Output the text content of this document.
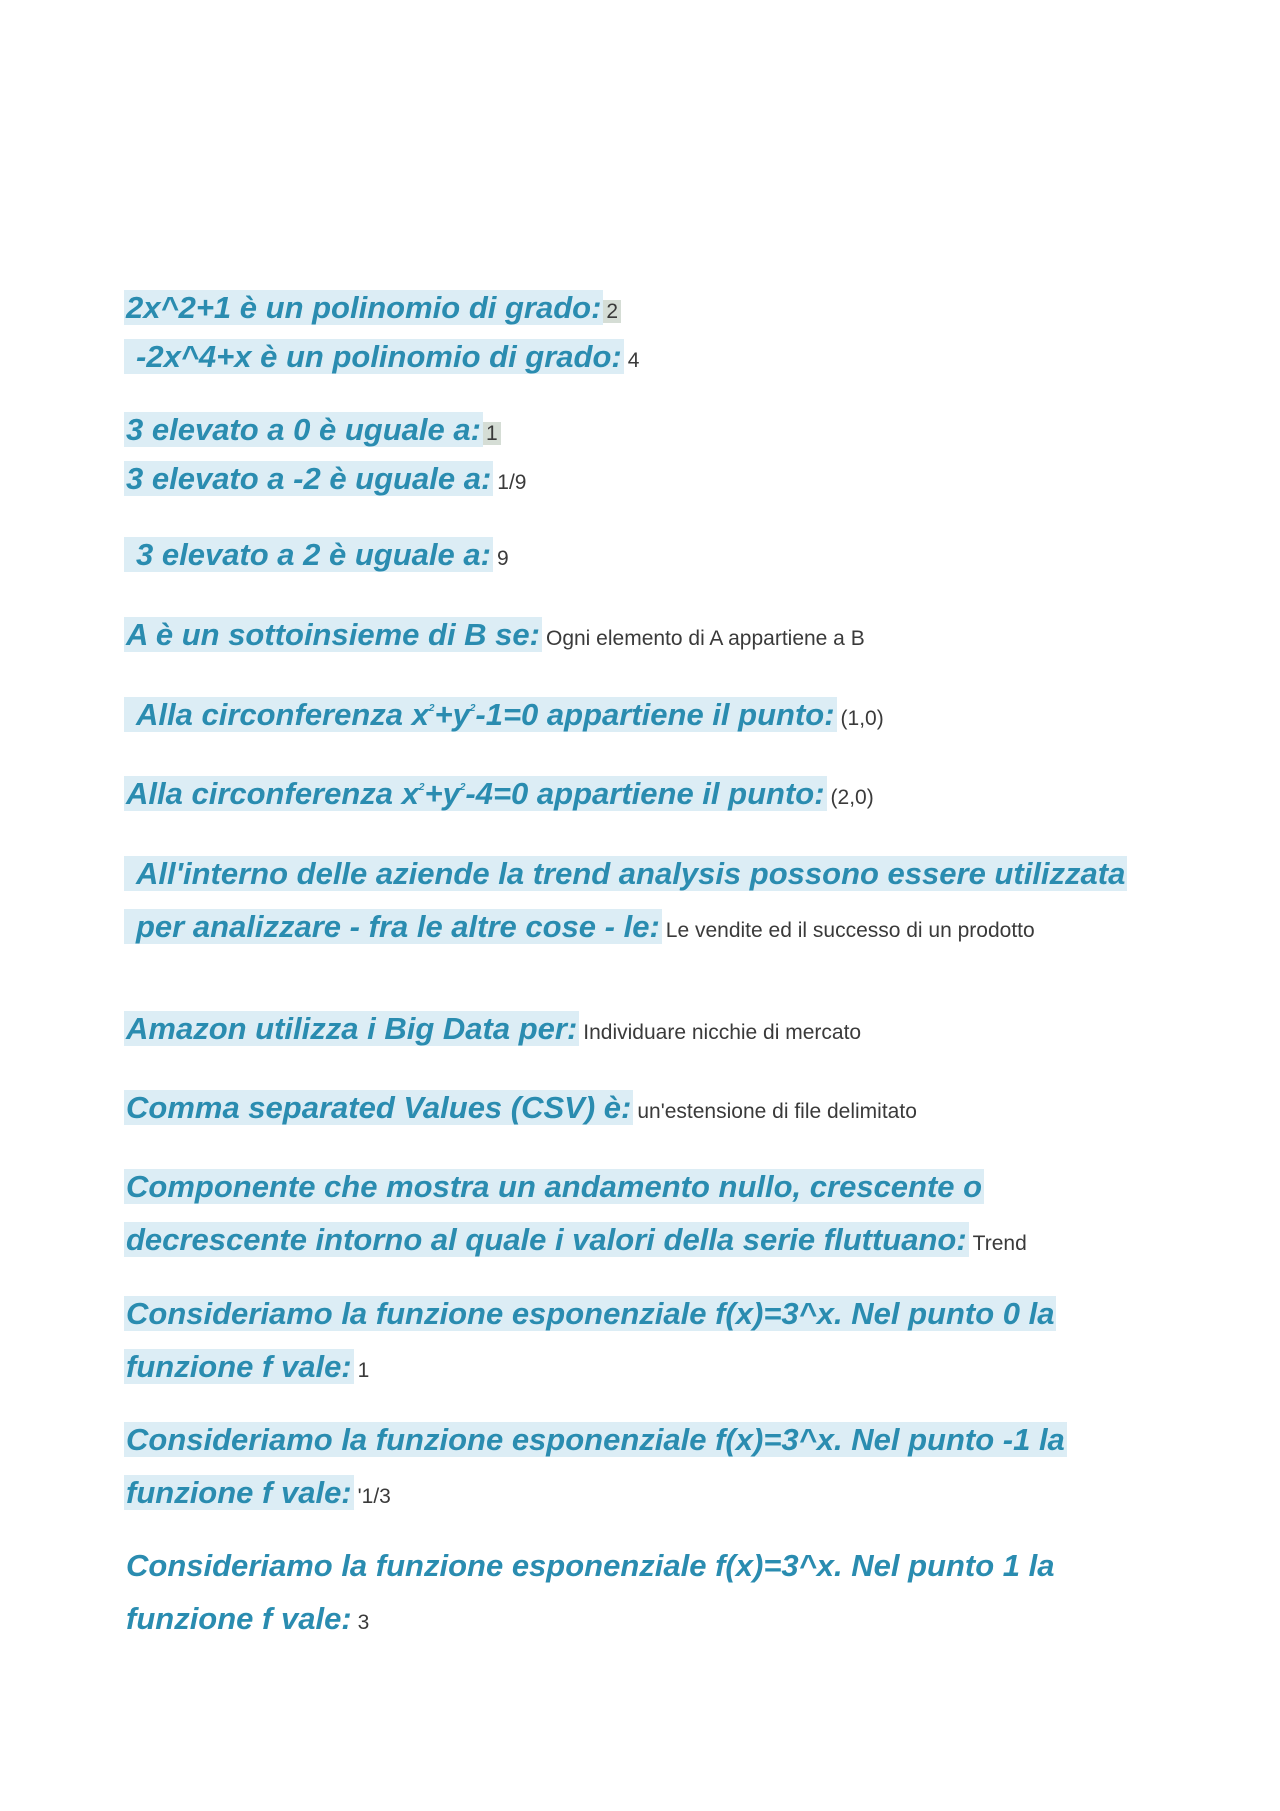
2x^2+1 è un polinomio di grado: 2
-2x^4+x è un polinomio di grado: 4
3 elevato a 0 è uguale a: 1
3 elevato a -2 è uguale a: 1/9
3 elevato a 2 è uguale a: 9
A è un sottoinsieme di B se: Ogni elemento di A appartiene a B
Alla circonferenza $x^2+y^2-1=0$ appartiene il punto: (1,0)
Alla circonferenza $x^2+y^2-4=0$ appartiene il punto: (2,0)
All'interno delle aziende la trend analysis possono essere utilizzata per analizzare - fra le altre cose - le: Le vendite ed il successo di un prodotto
Amazon utilizza i Big Data per: Individuare nicchie di mercato
Comma separated Values (CSV) è: un'estensione di file delimitato
Componente che mostra un andamento nullo, crescente o decrescente intorno al quale i valori della serie fluttuano: Trend
Consideriamo la funzione esponenziale f(x)=3^x. Nel punto 0 la funzione f vale: 1
Consideriamo la funzione esponenziale f(x)=3^x. Nel punto -1 la funzione f vale: '1/3
Consideriamo la funzione esponenziale f(x)=3^x. Nel punto 1 la funzione f vale: 3
